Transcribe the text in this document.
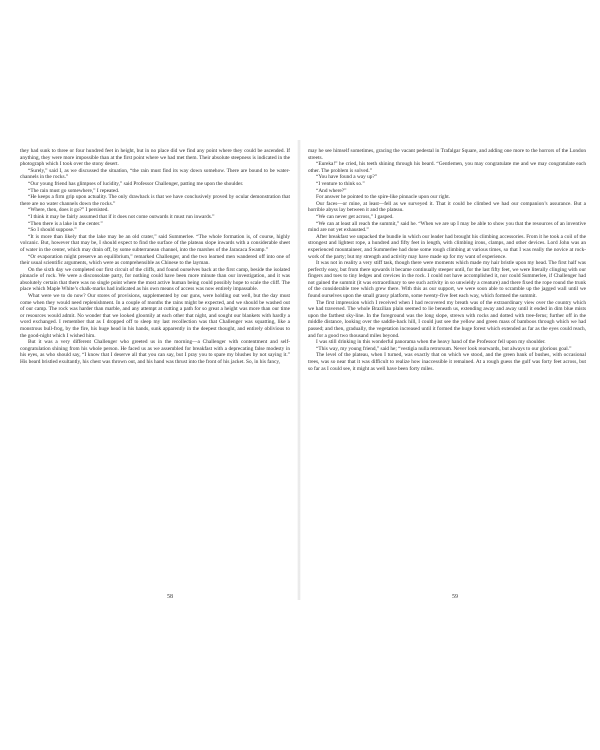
they had sunk to three or four hundred feet in height, but in no place did we find any point where they could be ascended. If anything, they were more impossible than at the first point where we had met them. Their absolute steepness is indicated in the photograph which I took over the stony desert.

“Surely,” said I, as we discussed the situation, “the rain must find its way down somehow. There are bound to be water-channels in the rocks.”

“Our young friend has glimpses of lucidity,” said Professor Challenger, patting me upon the shoulder.

“The rain must go somewhere,” I repeated.

“He keeps a firm grip upon actuality. The only drawback is that we have conclusively proved by ocular demonstration that there are no water channels down the rocks.”

“Where, then, does it go?” I persisted.

“I think it may be fairly assumed that if it does not come outwards it must run inwards.”

“Then there is a lake in the center.”

“So I should suppose.”

“It is more than likely that the lake may be an old crater,” said Summerlee. “The whole formation is, of course, highly volcanic. But, however that may be, I should expect to find the surface of the plateau slope inwards with a considerable sheet of water in the center, which may drain off, by some subterranean channel, into the marshes of the Jaracaca Swamp.”

“Or evaporation might preserve an equilibrium,” remarked Challenger, and the two learned men wandered off into one of their usual scientific arguments, which were as comprehensible as Chinese to the layman.

On the sixth day we completed our first circuit of the cliffs, and found ourselves back at the first camp, beside the isolated pinnacle of rock. We were a disconsolate party, for nothing could have been more minute than our investigation, and it was absolutely certain that there was no single point where the most active human being could possibly hope to scale the cliff. The place which Maple White’s chalk-marks had indicated as his own means of access was now entirely impassable.

What were we to do now? Our stores of provisions, supplemented by our guns, were holding out well, but the day must come when they would need replenishment. In a couple of months the rains might be expected, and we should be washed out of our camp. The rock was harder than marble, and any attempt at cutting a path for so great a height was more than our time or resources would admit. No wonder that we looked gloomily at each other that night, and sought our blankets with hardly a word exchanged. I remember that as I dropped off to sleep my last recollection was that Challenger was squatting, like a monstrous bull-frog, by the fire, his huge head in his hands, sunk apparently in the deepest thought, and entirely oblivious to the good-night which I wished him.

But it was a very different Challenger who greeted us in the morning—a Challenger with contentment and self-congratulation shining from his whole person. He faced us as we assembled for breakfast with a deprecating false modesty in his eyes, as who should say, “I know that I deserve all that you can say, but I pray you to spare my blushes by not saying it.” His beard bristled exultantly, his chest was thrown out, and his hand was thrust into the front of his jacket. So, in his fancy,

may he see himself sometimes, gracing the vacant pedestal in Trafalgar Square, and adding one more to the horrors of the London streets.

“Eureka!” he cried, his teeth shining through his beard. “Gentlemen, you may congratulate me and we may congratulate each other. The problem is solved.”

“You have found a way up?”

“I venture to think so.”

“And where?”

For answer he pointed to the spire-like pinnacle upon our right.

Our faces—or mine, at least—fell as we surveyed it. That it could be climbed we had our companion’s assurance. But a horrible abyss lay between it and the plateau.

“We can never get across,” I gasped.

“We can at least all reach the summit,” said he. “When we are up I may be able to show you that the resources of an inventive mind are not yet exhausted.”

After breakfast we unpacked the bundle in which our leader had brought his climbing accessories. From it he took a coil of the strongest and lightest rope, a hundred and fifty feet in length, with climbing irons, clamps, and other devices. Lord John was an experienced mountaineer, and Summerlee had done some rough climbing at various times, so that I was really the novice at rock-work of the party; but my strength and activity may have made up for my want of experience.

It was not in reality a very stiff task, though there were moments which made my hair bristle upon my head. The first half was perfectly easy, but from there upwards it became continually steeper until, for the last fifty feet, we were literally clinging with our fingers and toes to tiny ledges and crevices in the rock. I could not have accomplished it, nor could Summerlee, if Challenger had not gained the summit (it was extraordinary to see such activity in so unwieldy a creature) and there fixed the rope round the trunk of the considerable tree which grew there. With this as our support, we were soon able to scramble up the jagged wall until we found ourselves upon the small grassy platform, some twenty-five feet each way, which formed the summit.

The first impression which I received when I had recovered my breath was of the extraordinary view over the country which we had traversed. The whole Brazilian plain seemed to lie beneath us, extending away and away until it ended in dim blue mists upon the farthest sky-line. In the foreground was the long slope, strewn with rocks and dotted with tree-ferns; further off in the middle distance, looking over the saddle-back hill, I could just see the yellow and green mass of bamboos through which we had passed; and then, gradually, the vegetation increased until it formed the huge forest which extended as far as the eyes could reach, and for a good two thousand miles beyond.

I was still drinking in this wonderful panorama when the heavy hand of the Professor fell upon my shoulder.

“This way, my young friend,” said he; “vestigia nulla retrorsum. Never look rearwards, but always to our glorious goal.”

The level of the plateau, when I turned, was exactly that on which we stood, and the green bank of bushes, with occasional trees, was so near that it was difficult to realize how inaccessible it remained. At a rough guess the gulf was forty feet across, but so far as I could see, it might as well have been forty miles.

58	59
